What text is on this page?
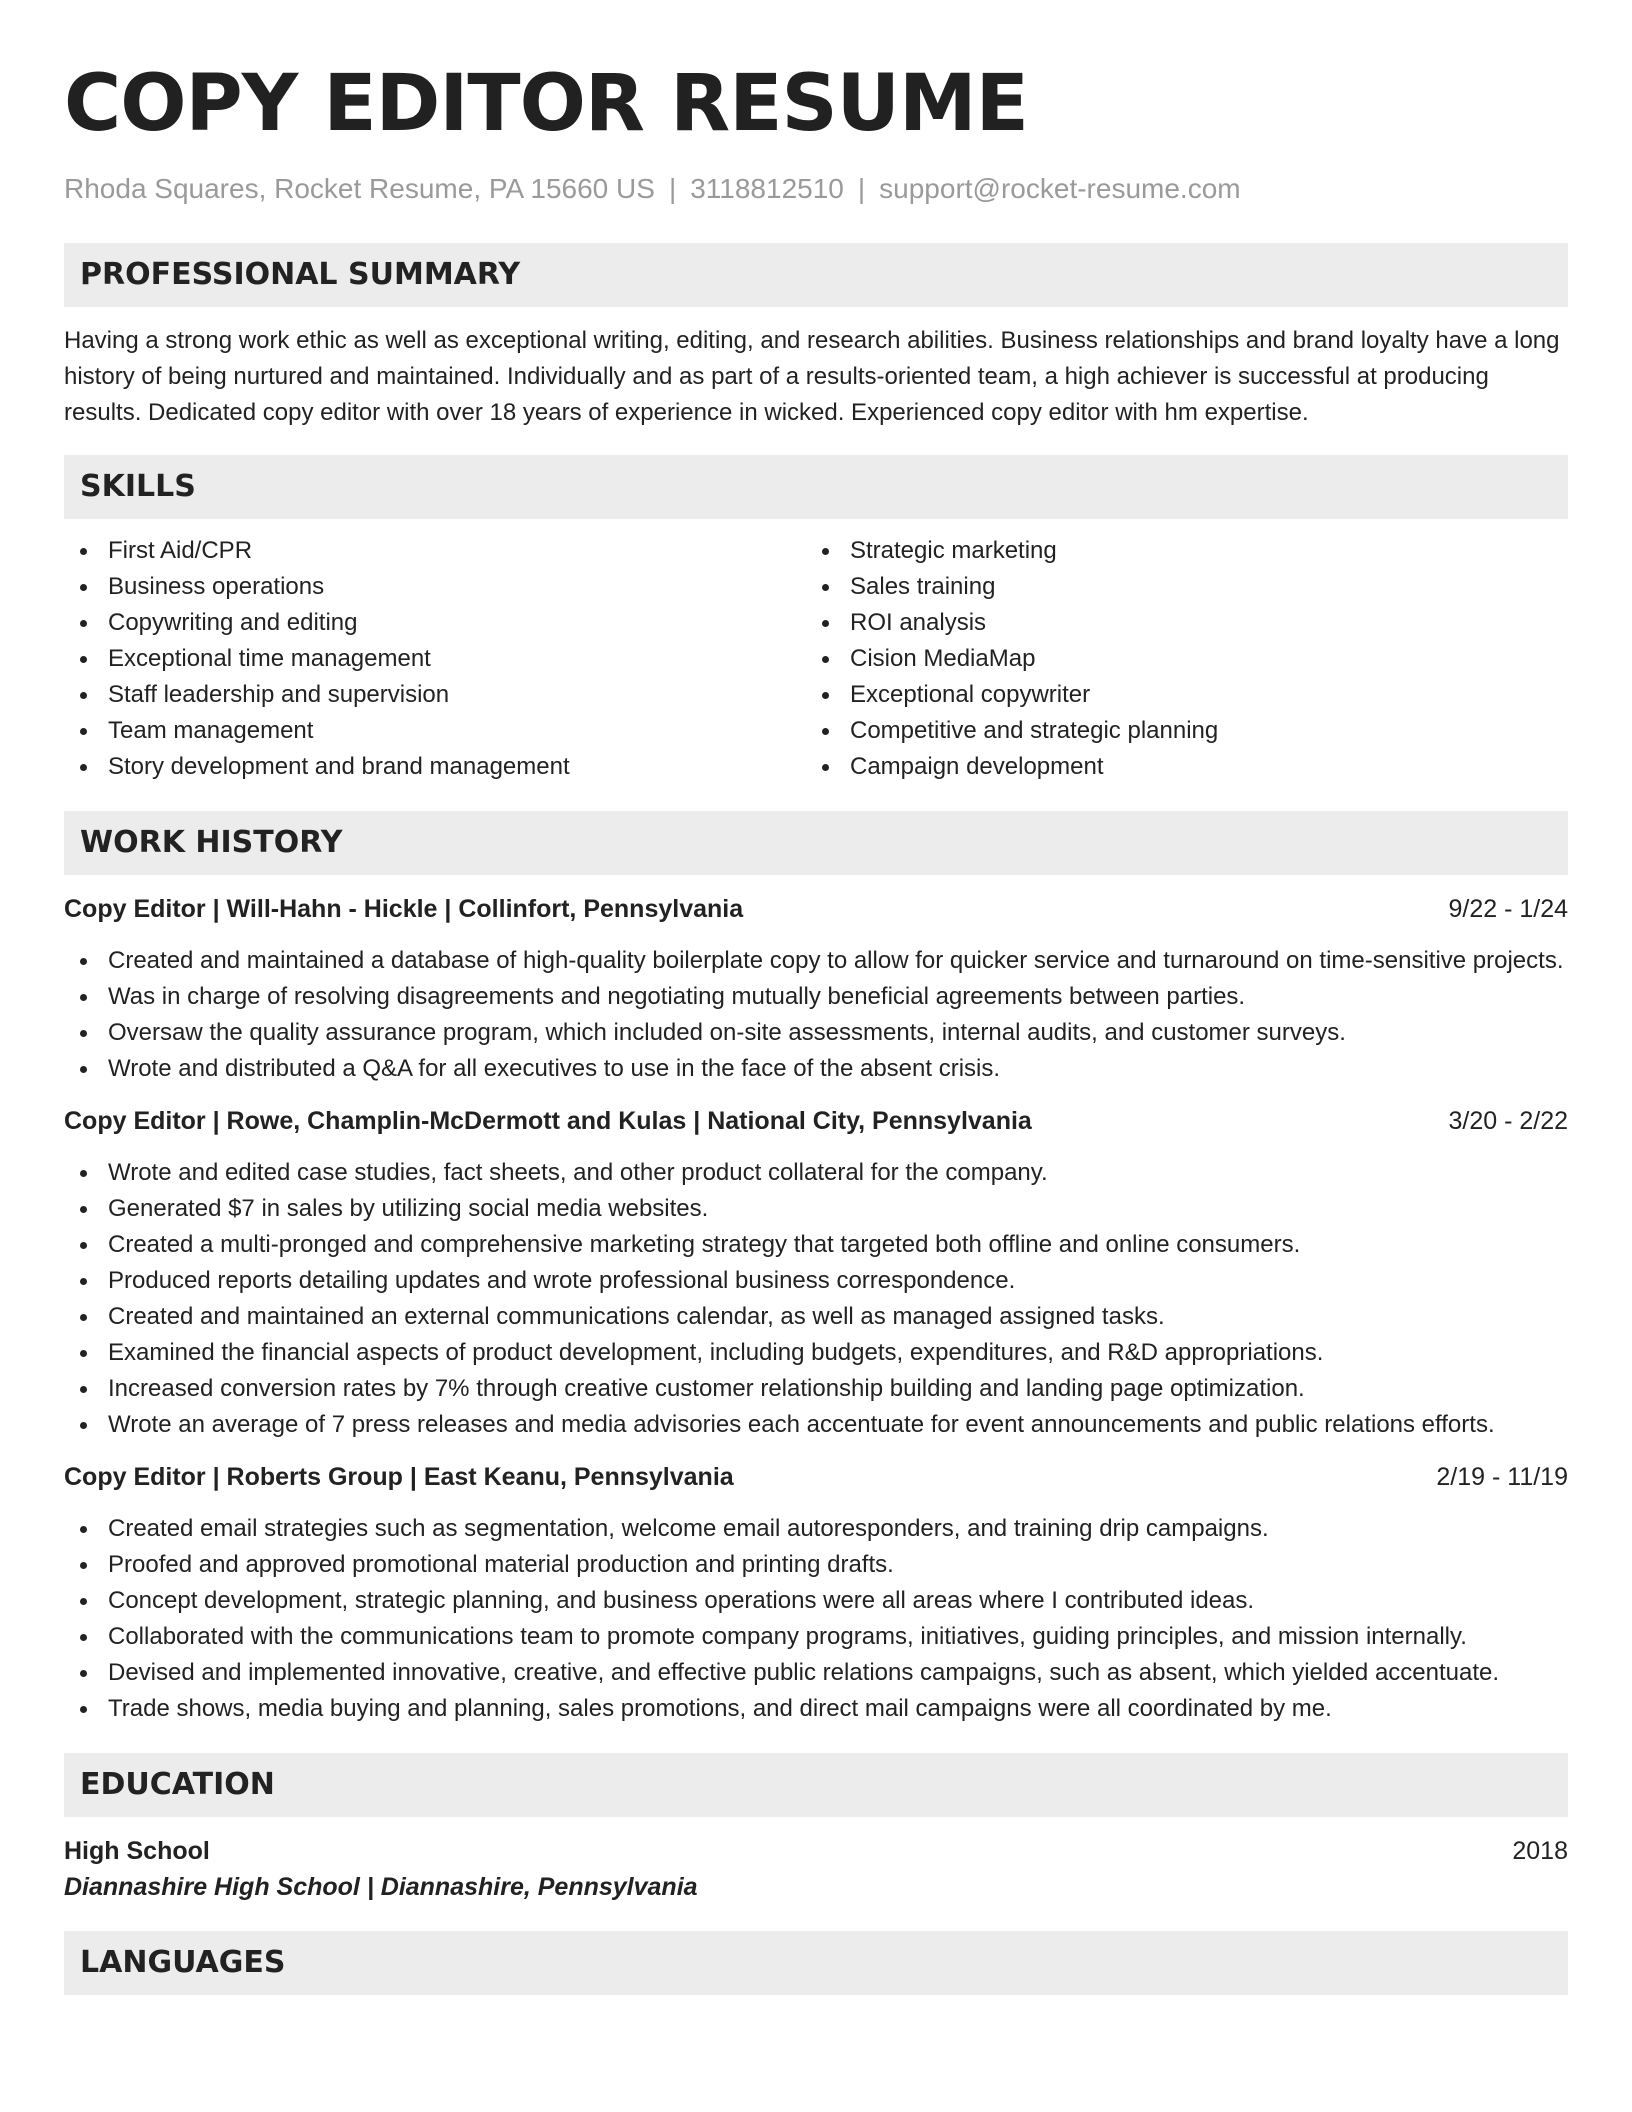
COPY EDITOR RESUME
Rhoda Squares, Rocket Resume, PA 15660 US | 3118812510 | support@rocket-resume.com
PROFESSIONAL SUMMARY
Having a strong work ethic as well as exceptional writing, editing, and research abilities. Business relationships and brand loyalty have a long history of being nurtured and maintained. Individually and as part of a results-oriented team, a high achiever is successful at producing results. Dedicated copy editor with over 18 years of experience in wicked. Experienced copy editor with hm expertise.
SKILLS
First Aid/CPR
Business operations
Copywriting and editing
Exceptional time management
Staff leadership and supervision
Team management
Story development and brand management
Strategic marketing
Sales training
ROI analysis
Cision MediaMap
Exceptional copywriter
Competitive and strategic planning
Campaign development
WORK HISTORY
Copy Editor | Will-Hahn - Hickle | Collinfort, Pennsylvania	9/22 - 1/24
Created and maintained a database of high-quality boilerplate copy to allow for quicker service and turnaround on time-sensitive projects.
Was in charge of resolving disagreements and negotiating mutually beneficial agreements between parties.
Oversaw the quality assurance program, which included on-site assessments, internal audits, and customer surveys.
Wrote and distributed a Q&A for all executives to use in the face of the absent crisis.
Copy Editor | Rowe, Champlin-McDermott and Kulas | National City, Pennsylvania	3/20 - 2/22
Wrote and edited case studies, fact sheets, and other product collateral for the company.
Generated $7 in sales by utilizing social media websites.
Created a multi-pronged and comprehensive marketing strategy that targeted both offline and online consumers.
Produced reports detailing updates and wrote professional business correspondence.
Created and maintained an external communications calendar, as well as managed assigned tasks.
Examined the financial aspects of product development, including budgets, expenditures, and R&D appropriations.
Increased conversion rates by 7% through creative customer relationship building and landing page optimization.
Wrote an average of 7 press releases and media advisories each accentuate for event announcements and public relations efforts.
Copy Editor | Roberts Group | East Keanu, Pennsylvania	2/19 - 11/19
Created email strategies such as segmentation, welcome email autoresponders, and training drip campaigns.
Proofed and approved promotional material production and printing drafts.
Concept development, strategic planning, and business operations were all areas where I contributed ideas.
Collaborated with the communications team to promote company programs, initiatives, guiding principles, and mission internally.
Devised and implemented innovative, creative, and effective public relations campaigns, such as absent, which yielded accentuate.
Trade shows, media buying and planning, sales promotions, and direct mail campaigns were all coordinated by me.
EDUCATION
High School	2018
Diannashire High School | Diannashire, Pennsylvania
LANGUAGES
